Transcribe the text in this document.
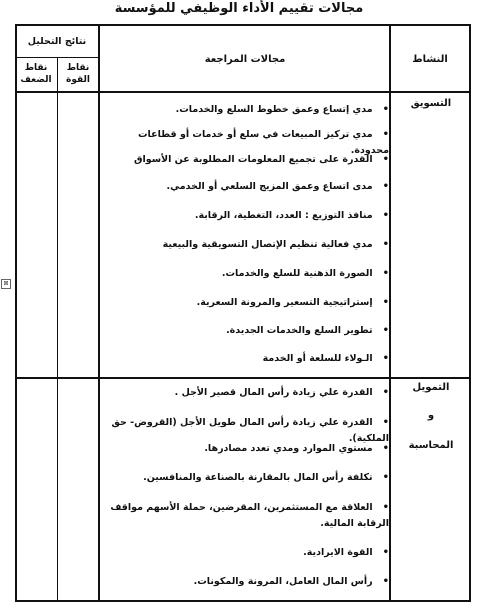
مجالات تقييم الأداء الوظيفي للمؤسسة
⊠
نتائج التحليل
نقاط الضعف
نقاط القوة
مجالات المراجعة	النشاط
التسويق
•مدي إتساع وعمق خطوط السلع والخدمات.
•مدي تركيز المبيعات في سلع أو خدمات أو قطاعات محدودة.
•القدرة على تجميع المعلومات المطلوبة عن الأسواق
•مدى اتساع وعمق المزيج السلعي أو الخدمي.
•منافذ التوزيع : العدد، التغطية، الرقابة.
•مدي فعالية تنظيم الإتصال التسويقية والبيعية
•الصورة الذهنية للسلع والخدمات.
•إستراتيجية التسعير والمرونة السعرية.
•تطوير السلع والخدمات الجديدة.
•الـولاء للسلعة أو الخدمة
التمويل
و
المحاسبة
•القدرة علي زيادة رأس المال قصير الأجل .
•القدرة علي زيادة رأس المال طويل الأجل (القروض- حق الملكية).
•مستوي الموارد ومدي تعدد مصادرها.
•تكلفة رأس المال بالمقارنة بالصناعة والمنافسين.
•العلاقة مع المستثمرين، المقرضين، حملة الأسهم مواقف الرقابة المالية.
•القوة الايرادية.
•رأس المال العامل، المرونة والمكونات.
